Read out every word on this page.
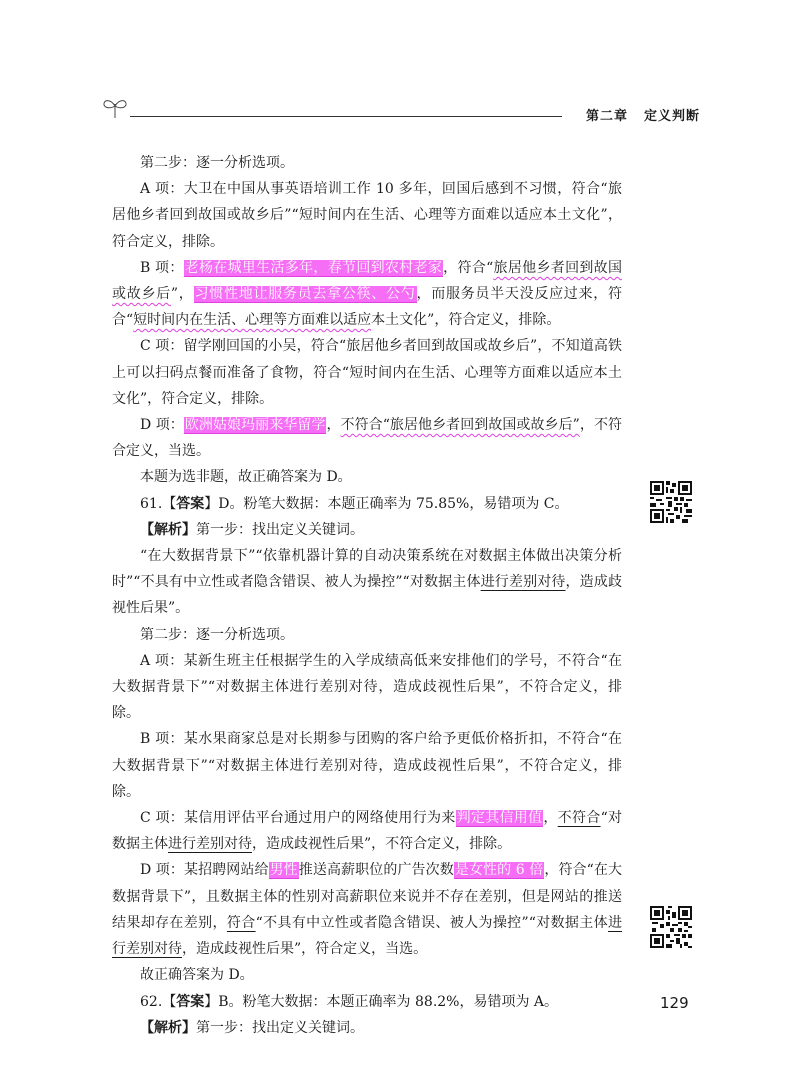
第二章 定义判断

第二步：逐一分析选项。

A 项：大卫在中国从事英语培训工作 10 多年，回国后感到不习惯，符合“旅居他乡者回到故国或故乡后”“短时间内在生活、心理等方面难以适应本土文化”，符合定义，排除。

B 项：老杨在城里生活多年，春节回到农村老家，符合“旅居他乡者回到故国或故乡后”，习惯性地让服务员去拿公筷、公勺，而服务员半天没反应过来，符合“短时间内在生活、心理等方面难以适应本土文化”，符合定义，排除。

C 项：留学刚回国的小吴，符合“旅居他乡者回到故国或故乡后”，不知道高铁上可以扫码点餐而准备了食物，符合“短时间内在生活、心理等方面难以适应本土文化”，符合定义，排除。

D 项：欧洲姑娘玛丽来华留学，不符合“旅居他乡者回到故国或故乡后”，不符合定义，当选。

本题为选非题，故正确答案为 D。

61.【答案】D。粉笔大数据：本题正确率为 75.85%，易错项为 C。

【解析】第一步：找出定义关键词。

“在大数据背景下”“依靠机器计算的自动决策系统在对数据主体做出决策分析时”“不具有中立性或者隐含错误、被人为操控”“对数据主体进行差别对待，造成歧视性后果”。

第二步：逐一分析选项。

A 项：某新生班主任根据学生的入学成绩高低来安排他们的学号，不符合“在大数据背景下”“对数据主体进行差别对待，造成歧视性后果”，不符合定义，排除。

B 项：某水果商家总是对长期参与团购的客户给予更低价格折扣，不符合“在大数据背景下”“对数据主体进行差别对待，造成歧视性后果”，不符合定义，排除。

C 项：某信用评估平台通过用户的网络使用行为来判定其信用值，不符合“对数据主体进行差别对待，造成歧视性后果”，不符合定义，排除。

D 项：某招聘网站给男性推送高薪职位的广告次数是女性的 6 倍，符合“在大数据背景下”，且数据主体的性别对高薪职位来说并不存在差别，但是网站的推送结果却存在差别，符合“不具有中立性或者隐含错误、被人为操控”“对数据主体进行差别对待，造成歧视性后果”，符合定义，当选。

故正确答案为 D。

62.【答案】B。粉笔大数据：本题正确率为 88.2%，易错项为 A。

【解析】第一步：找出定义关键词。

129
